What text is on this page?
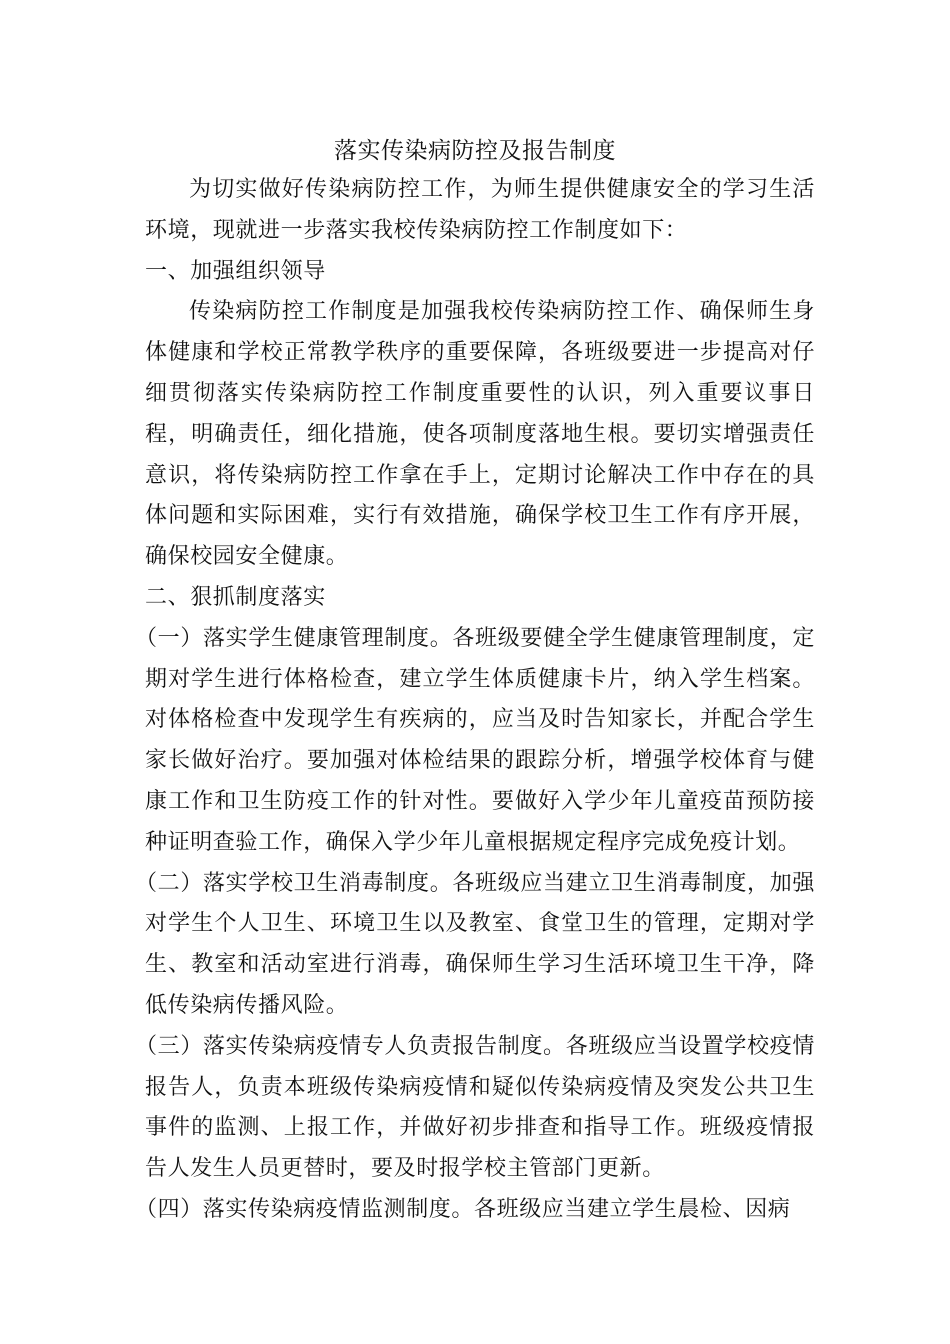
落实传染病防控及报告制度

为切实做好传染病防控工作，为师生提供健康安全的学习生活环境，现就进一步落实我校传染病防控工作制度如下：

一、加强组织领导

传染病防控工作制度是加强我校传染病防控工作、确保师生身体健康和学校正常教学秩序的重要保障，各班级要进一步提高对仔细贯彻落实传染病防控工作制度重要性的认识，列入重要议事日程，明确责任，细化措施，使各项制度落地生根。要切实增强责任意识，将传染病防控工作拿在手上，定期讨论解决工作中存在的具体问题和实际困难，实行有效措施，确保学校卫生工作有序开展，确保校园安全健康。

二、狠抓制度落实

（一）落实学生健康管理制度。各班级要健全学生健康管理制度，定期对学生进行体格检查，建立学生体质健康卡片，纳入学生档案。对体格检查中发现学生有疾病的，应当及时告知家长，并配合学生家长做好治疗。要加强对体检结果的跟踪分析，增强学校体育与健康工作和卫生防疫工作的针对性。要做好入学少年儿童疫苗预防接种证明查验工作，确保入学少年儿童根据规定程序完成免疫计划。

（二）落实学校卫生消毒制度。各班级应当建立卫生消毒制度，加强对学生个人卫生、环境卫生以及教室、食堂卫生的管理，定期对学生、教室和活动室进行消毒，确保师生学习生活环境卫生干净，降低传染病传播风险。

（三）落实传染病疫情专人负责报告制度。各班级应当设置学校疫情报告人，负责本班级传染病疫情和疑似传染病疫情及突发公共卫生事件的监测、上报工作，并做好初步排查和指导工作。班级疫情报告人发生人员更替时，要及时报学校主管部门更新。

（四）落实传染病疫情监测制度。各班级应当建立学生晨检、因病
